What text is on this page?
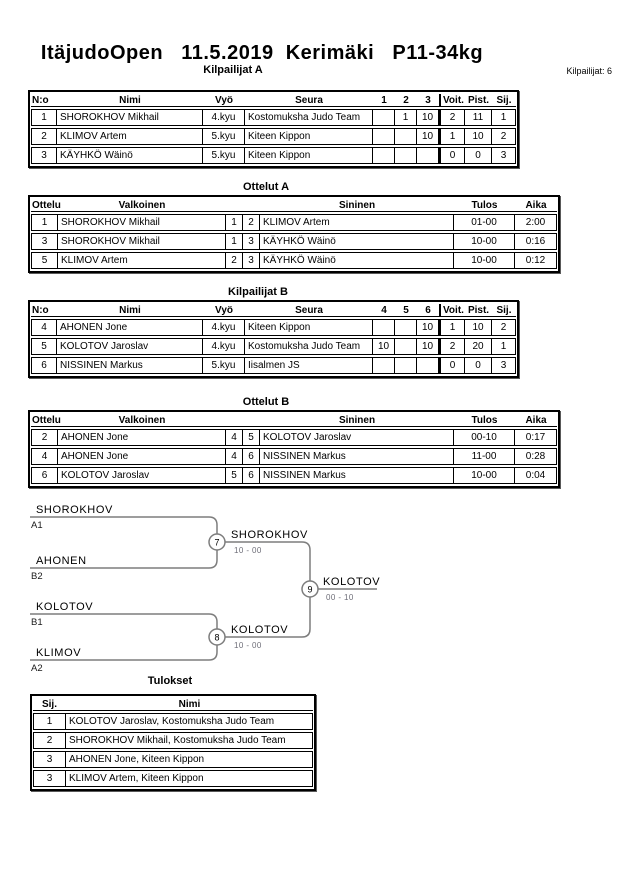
ItäjudoOpen   11.5.2019  Kerimäki   P11-34kg
Kilpailijat: 6
Kilpailijat A
N:o	Nimi	Vyö	Seura	1	2	3	Voit.	Pist.	Sij.
1	SHOROKHOV Mikhail	4.kyu	Kostomuksha Judo Team		1	10	2	11	1
2	KLIMOV Artem	5.kyu	Kiteen Kippon			10	1	10	2
3	KÄYHKÖ Wäinö	5.kyu	Kiteen Kippon				0	0	3
Ottelut A
Ottelu	Valkoinen			Sininen	Tulos	Aika
1	SHOROKHOV Mikhail	1	2	KLIMOV Artem	01-00	2:00
3	SHOROKHOV Mikhail	1	3	KÄYHKÖ Wäinö	10-00	0:16
5	KLIMOV Artem	2	3	KÄYHKÖ Wäinö	10-00	0:12
Kilpailijat B
N:o	Nimi	Vyö	Seura	4	5	6	Voit.	Pist.	Sij.
4	AHONEN Jone	4.kyu	Kiteen Kippon			10	1	10	2
5	KOLOTOV Jaroslav	4.kyu	Kostomuksha Judo Team	10		10	2	20	1
6	NISSINEN Markus	5.kyu	Iisalmen JS				0	0	3
Ottelut B
Ottelu	Valkoinen			Sininen	Tulos	Aika
2	AHONEN Jone	4	5	KOLOTOV Jaroslav	00-10	0:17
4	AHONEN Jone	4	6	NISSINEN Markus	11-00	0:28
6	KOLOTOV Jaroslav	5	6	NISSINEN Markus	10-00	0:04
SHOROKHOV
A1
AHONEN
B2
KOLOTOV
B1
KLIMOV
A2
7
8
9
SHOROKHOV
10 - 00
KOLOTOV
10 - 00
KOLOTOV
00 - 10
Tulokset
Sij.	Nimi
1	KOLOTOV Jaroslav, Kostomuksha Judo Team
2	SHOROKHOV Mikhail, Kostomuksha Judo Team
3	AHONEN Jone, Kiteen Kippon
3	KLIMOV Artem, Kiteen Kippon
